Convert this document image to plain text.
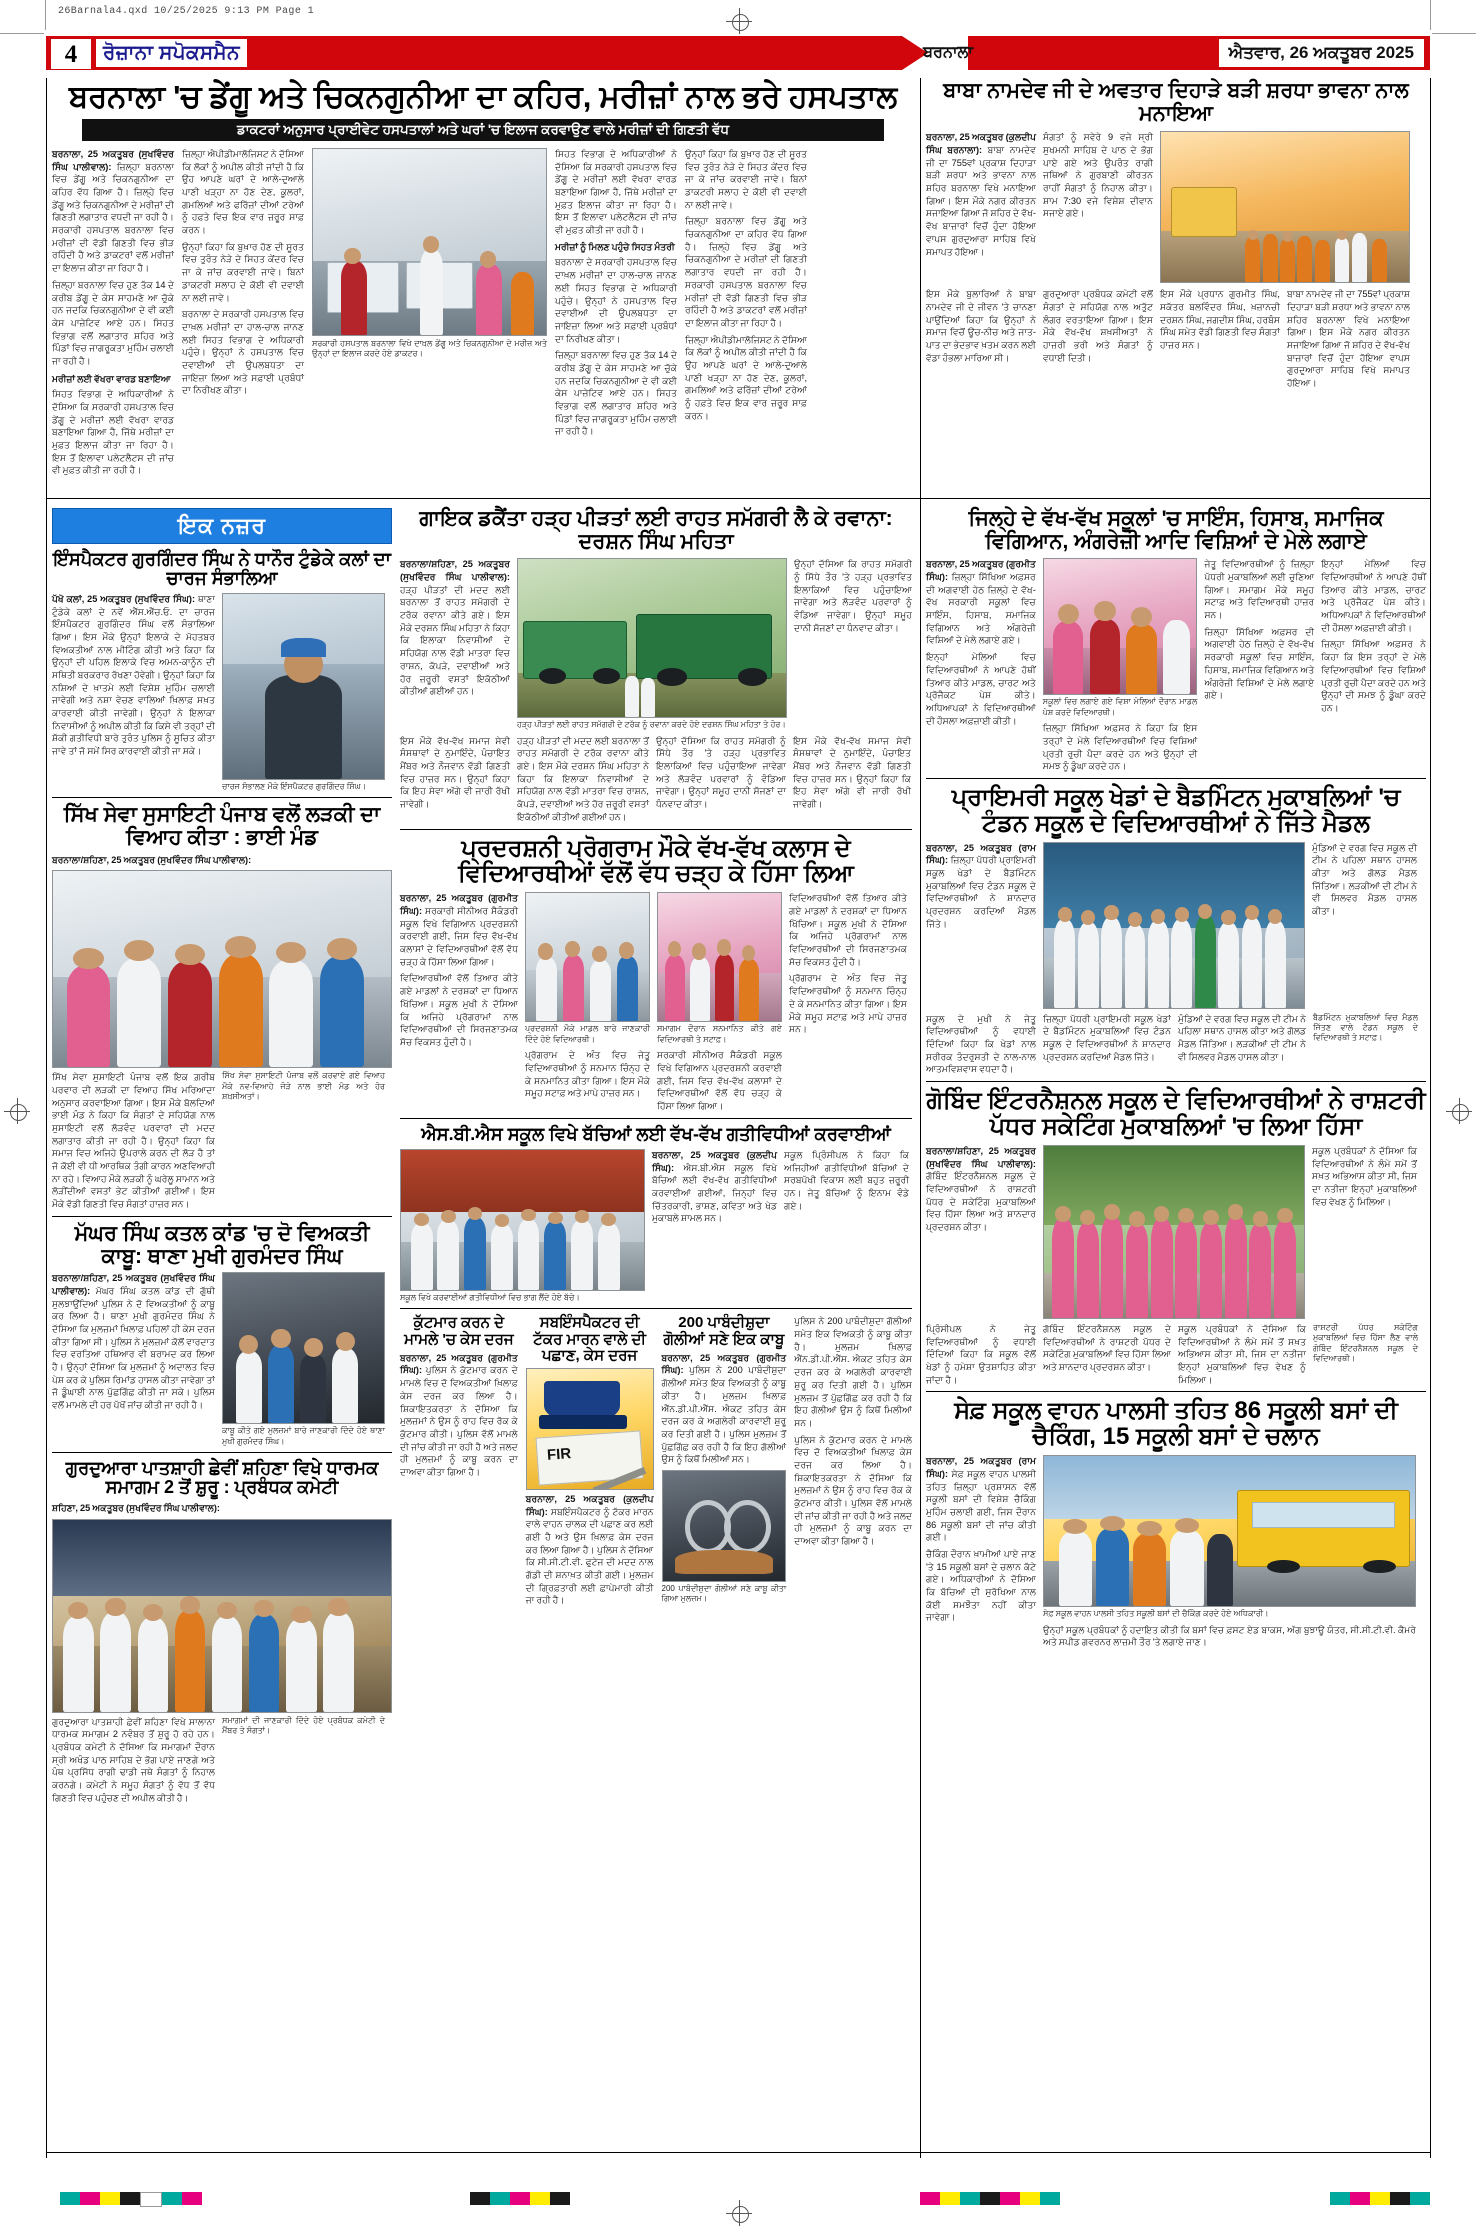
26Barnala4.qxd 10/25/2025 9:13 PM Page 1
4	ਰੋਜ਼ਾਨਾ ਸਪੋਕਸਮੈਨ	ਬਰਨਾਲਾ	ਐਤਵਾਰ, 26 ਅਕਤੂਬਰ 2025
ਬਰਨਾਲਾ 'ਚ ਡੇਂਗੂ ਅਤੇ ਚਿਕਨਗੁਨੀਆ ਦਾ ਕਹਿਰ, ਮਰੀਜ਼ਾਂ ਨਾਲ ਭਰੇ ਹਸਪਤਾਲ
ਡਾਕਟਰਾਂ ਅਨੁਸਾਰ ਪ੍ਰਾਈਵੇਟ ਹਸਪਤਾਲਾਂ ਅਤੇ ਘਰਾਂ 'ਚ ਇਲਾਜ ਕਰਵਾਉਣ ਵਾਲੇ ਮਰੀਜ਼ਾਂ ਦੀ ਗਿਣਤੀ ਵੱਧ
ਬਰਨਾਲਾ, 25 ਅਕਤੂਬਰ (ਸੁਖਵਿੰਦਰ ਸਿੰਘ ਪਾਲੀਵਾਲ): ਜ਼ਿਲ੍ਹਾ ਬਰਨਾਲਾ ਵਿਚ ਡੇਂਗੂ ਅਤੇ ਚਿਕਨਗੁਨੀਆ ਦਾ ਕਹਿਰ ਵੱਧ ਗਿਆ ਹੈ। ਜ਼ਿਲ੍ਹੇ ਵਿਚ ਡੇਂਗੂ ਅਤੇ ਚਿਕਨਗੁਨੀਆ ਦੇ ਮਰੀਜ਼ਾਂ ਦੀ ਗਿਣਤੀ ਲਗਾਤਾਰ ਵਧਦੀ ਜਾ ਰਹੀ ਹੈ। ਸਰਕਾਰੀ ਹਸਪਤਾਲ ਬਰਨਾਲਾ ਵਿਚ ਮਰੀਜ਼ਾਂ ਦੀ ਵੱਡੀ ਗਿਣਤੀ ਵਿਚ ਭੀੜ ਰਹਿੰਦੀ ਹੈ ਅਤੇ ਡਾਕਟਰਾਂ ਵਲੋਂ ਮਰੀਜ਼ਾਂ ਦਾ ਇਲਾਜ ਕੀਤਾ ਜਾ ਰਿਹਾ ਹੈ।
ਜ਼ਿਲ੍ਹਾ ਬਰਨਾਲਾ ਵਿਚ ਹੁਣ ਤੱਕ 14 ਦੇ ਕਰੀਬ ਡੇਂਗੂ ਦੇ ਕੇਸ ਸਾਹਮਣੇ ਆ ਚੁੱਕੇ ਹਨ ਜਦਕਿ ਚਿਕਨਗੁਨੀਆ ਦੇ ਵੀ ਕਈ ਕੇਸ ਪਾਜ਼ੇਟਿਵ ਆਏ ਹਨ। ਸਿਹਤ ਵਿਭਾਗ ਵਲੋਂ ਲਗਾਤਾਰ ਸ਼ਹਿਰ ਅਤੇ ਪਿੰਡਾਂ ਵਿਚ ਜਾਗਰੂਕਤਾ ਮੁਹਿੰਮ ਚਲਾਈ ਜਾ ਰਹੀ ਹੈ।
ਮਰੀਜ਼ਾਂ ਲਈ ਵੱਖਰਾ ਵਾਰਡ ਬਣਾਇਆ
ਸਿਹਤ ਵਿਭਾਗ ਦੇ ਅਧਿਕਾਰੀਆਂ ਨੇ ਦੱਸਿਆ ਕਿ ਸਰਕਾਰੀ ਹਸਪਤਾਲ ਵਿਚ ਡੇਂਗੂ ਦੇ ਮਰੀਜ਼ਾਂ ਲਈ ਵੱਖਰਾ ਵਾਰਡ ਬਣਾਇਆ ਗਿਆ ਹੈ, ਜਿੱਥੇ ਮਰੀਜ਼ਾਂ ਦਾ ਮੁਫ਼ਤ ਇਲਾਜ ਕੀਤਾ ਜਾ ਰਿਹਾ ਹੈ। ਇਸ ਤੋਂ ਇਲਾਵਾ ਪਲੇਟਲੈਟਸ ਦੀ ਜਾਂਚ ਵੀ ਮੁਫ਼ਤ ਕੀਤੀ ਜਾ ਰਹੀ ਹੈ।
ਜ਼ਿਲ੍ਹਾ ਐਪੀਡੀਮਾਲੋਜਿਸਟ ਨੇ ਦੱਸਿਆ ਕਿ ਲੋਕਾਂ ਨੂੰ ਅਪੀਲ ਕੀਤੀ ਜਾਂਦੀ ਹੈ ਕਿ ਉਹ ਆਪਣੇ ਘਰਾਂ ਦੇ ਆਲੇ-ਦੁਆਲੇ ਪਾਣੀ ਖੜ੍ਹਾ ਨਾ ਹੋਣ ਦੇਣ, ਕੂਲਰਾਂ, ਗਮਲਿਆਂ ਅਤੇ ਫਰਿੱਜ਼ਾਂ ਦੀਆਂ ਟਰੇਆਂ ਨੂੰ ਹਫ਼ਤੇ ਵਿਚ ਇਕ ਵਾਰ ਜ਼ਰੂਰ ਸਾਫ਼ ਕਰਨ।
ਉਨ੍ਹਾਂ ਕਿਹਾ ਕਿ ਬੁਖ਼ਾਰ ਹੋਣ ਦੀ ਸੂਰਤ ਵਿਚ ਤੁਰੰਤ ਨੇੜੇ ਦੇ ਸਿਹਤ ਕੇਂਦਰ ਵਿਚ ਜਾ ਕੇ ਜਾਂਚ ਕਰਵਾਈ ਜਾਵੇ। ਬਿਨਾਂ ਡਾਕਟਰੀ ਸਲਾਹ ਦੇ ਕੋਈ ਵੀ ਦਵਾਈ ਨਾ ਲਈ ਜਾਵੇ।
ਬਰਨਾਲਾ ਦੇ ਸਰਕਾਰੀ ਹਸਪਤਾਲ ਵਿਚ ਦਾਖ਼ਲ ਮਰੀਜ਼ਾਂ ਦਾ ਹਾਲ-ਚਾਲ ਜਾਨਣ ਲਈ ਸਿਹਤ ਵਿਭਾਗ ਦੇ ਅਧਿਕਾਰੀ ਪਹੁੰਚੇ। ਉਨ੍ਹਾਂ ਨੇ ਹਸਪਤਾਲ ਵਿਚ ਦਵਾਈਆਂ ਦੀ ਉਪਲਬਧਤਾ ਦਾ ਜਾਇਜ਼ਾ ਲਿਆ ਅਤੇ ਸਫ਼ਾਈ ਪ੍ਰਬੰਧਾਂ ਦਾ ਨਿਰੀਖਣ ਕੀਤਾ।
ਸਰਕਾਰੀ ਹਸਪਤਾਲ ਬਰਨਾਲਾ ਵਿਖੇ ਦਾਖ਼ਲ ਡੇਂਗੂ ਅਤੇ ਚਿਕਨਗੁਨੀਆ ਦੇ ਮਰੀਜ਼ ਅਤੇ ਉਨ੍ਹਾਂ ਦਾ ਇਲਾਜ ਕਰਦੇ ਹੋਏ ਡਾਕਟਰ।
ਸਿਹਤ ਵਿਭਾਗ ਦੇ ਅਧਿਕਾਰੀਆਂ ਨੇ ਦੱਸਿਆ ਕਿ ਸਰਕਾਰੀ ਹਸਪਤਾਲ ਵਿਚ ਡੇਂਗੂ ਦੇ ਮਰੀਜ਼ਾਂ ਲਈ ਵੱਖਰਾ ਵਾਰਡ ਬਣਾਇਆ ਗਿਆ ਹੈ, ਜਿੱਥੇ ਮਰੀਜ਼ਾਂ ਦਾ ਮੁਫ਼ਤ ਇਲਾਜ ਕੀਤਾ ਜਾ ਰਿਹਾ ਹੈ। ਇਸ ਤੋਂ ਇਲਾਵਾ ਪਲੇਟਲੈਟਸ ਦੀ ਜਾਂਚ ਵੀ ਮੁਫ਼ਤ ਕੀਤੀ ਜਾ ਰਹੀ ਹੈ।
ਮਰੀਜ਼ਾਂ ਨੂੰ ਮਿਲਣ ਪਹੁੰਚੇ ਸਿਹਤ ਮੰਤਰੀ
ਬਰਨਾਲਾ ਦੇ ਸਰਕਾਰੀ ਹਸਪਤਾਲ ਵਿਚ ਦਾਖ਼ਲ ਮਰੀਜ਼ਾਂ ਦਾ ਹਾਲ-ਚਾਲ ਜਾਨਣ ਲਈ ਸਿਹਤ ਵਿਭਾਗ ਦੇ ਅਧਿਕਾਰੀ ਪਹੁੰਚੇ। ਉਨ੍ਹਾਂ ਨੇ ਹਸਪਤਾਲ ਵਿਚ ਦਵਾਈਆਂ ਦੀ ਉਪਲਬਧਤਾ ਦਾ ਜਾਇਜ਼ਾ ਲਿਆ ਅਤੇ ਸਫ਼ਾਈ ਪ੍ਰਬੰਧਾਂ ਦਾ ਨਿਰੀਖਣ ਕੀਤਾ।
ਜ਼ਿਲ੍ਹਾ ਬਰਨਾਲਾ ਵਿਚ ਹੁਣ ਤੱਕ 14 ਦੇ ਕਰੀਬ ਡੇਂਗੂ ਦੇ ਕੇਸ ਸਾਹਮਣੇ ਆ ਚੁੱਕੇ ਹਨ ਜਦਕਿ ਚਿਕਨਗੁਨੀਆ ਦੇ ਵੀ ਕਈ ਕੇਸ ਪਾਜ਼ੇਟਿਵ ਆਏ ਹਨ। ਸਿਹਤ ਵਿਭਾਗ ਵਲੋਂ ਲਗਾਤਾਰ ਸ਼ਹਿਰ ਅਤੇ ਪਿੰਡਾਂ ਵਿਚ ਜਾਗਰੂਕਤਾ ਮੁਹਿੰਮ ਚਲਾਈ ਜਾ ਰਹੀ ਹੈ।
ਉਨ੍ਹਾਂ ਕਿਹਾ ਕਿ ਬੁਖ਼ਾਰ ਹੋਣ ਦੀ ਸੂਰਤ ਵਿਚ ਤੁਰੰਤ ਨੇੜੇ ਦੇ ਸਿਹਤ ਕੇਂਦਰ ਵਿਚ ਜਾ ਕੇ ਜਾਂਚ ਕਰਵਾਈ ਜਾਵੇ। ਬਿਨਾਂ ਡਾਕਟਰੀ ਸਲਾਹ ਦੇ ਕੋਈ ਵੀ ਦਵਾਈ ਨਾ ਲਈ ਜਾਵੇ।
ਜ਼ਿਲ੍ਹਾ ਬਰਨਾਲਾ ਵਿਚ ਡੇਂਗੂ ਅਤੇ ਚਿਕਨਗੁਨੀਆ ਦਾ ਕਹਿਰ ਵੱਧ ਗਿਆ ਹੈ। ਜ਼ਿਲ੍ਹੇ ਵਿਚ ਡੇਂਗੂ ਅਤੇ ਚਿਕਨਗੁਨੀਆ ਦੇ ਮਰੀਜ਼ਾਂ ਦੀ ਗਿਣਤੀ ਲਗਾਤਾਰ ਵਧਦੀ ਜਾ ਰਹੀ ਹੈ। ਸਰਕਾਰੀ ਹਸਪਤਾਲ ਬਰਨਾਲਾ ਵਿਚ ਮਰੀਜ਼ਾਂ ਦੀ ਵੱਡੀ ਗਿਣਤੀ ਵਿਚ ਭੀੜ ਰਹਿੰਦੀ ਹੈ ਅਤੇ ਡਾਕਟਰਾਂ ਵਲੋਂ ਮਰੀਜ਼ਾਂ ਦਾ ਇਲਾਜ ਕੀਤਾ ਜਾ ਰਿਹਾ ਹੈ।
ਜ਼ਿਲ੍ਹਾ ਐਪੀਡੀਮਾਲੋਜਿਸਟ ਨੇ ਦੱਸਿਆ ਕਿ ਲੋਕਾਂ ਨੂੰ ਅਪੀਲ ਕੀਤੀ ਜਾਂਦੀ ਹੈ ਕਿ ਉਹ ਆਪਣੇ ਘਰਾਂ ਦੇ ਆਲੇ-ਦੁਆਲੇ ਪਾਣੀ ਖੜ੍ਹਾ ਨਾ ਹੋਣ ਦੇਣ, ਕੂਲਰਾਂ, ਗਮਲਿਆਂ ਅਤੇ ਫਰਿੱਜ਼ਾਂ ਦੀਆਂ ਟਰੇਆਂ ਨੂੰ ਹਫ਼ਤੇ ਵਿਚ ਇਕ ਵਾਰ ਜ਼ਰੂਰ ਸਾਫ਼ ਕਰਨ।
ਬਾਬਾ ਨਾਮਦੇਵ ਜੀ ਦੇ ਅਵਤਾਰ ਦਿਹਾੜੇ ਬੜੀ ਸ਼ਰਧਾ ਭਾਵਨਾ ਨਾਲ ਮਨਾਇਆ
ਬਰਨਾਲਾ, 25 ਅਕਤੂਬਰ (ਕੁਲਦੀਪ ਸਿੰਘ ਬਰਨਾਲਾ): ਬਾਬਾ ਨਾਮਦੇਵ ਜੀ ਦਾ 755ਵਾਂ ਪ੍ਰਕਾਸ਼ ਦਿਹਾੜਾ ਬੜੀ ਸ਼ਰਧਾ ਅਤੇ ਭਾਵਨਾ ਨਾਲ ਸ਼ਹਿਰ ਬਰਨਾਲਾ ਵਿਖੇ ਮਨਾਇਆ ਗਿਆ। ਇਸ ਮੌਕੇ ਨਗਰ ਕੀਰਤਨ ਸਜਾਇਆ ਗਿਆ ਜੋ ਸ਼ਹਿਰ ਦੇ ਵੱਖ-ਵੱਖ ਬਾਜ਼ਾਰਾਂ ਵਿਚੋਂ ਹੁੰਦਾ ਹੋਇਆ ਵਾਪਸ ਗੁਰਦੁਆਰਾ ਸਾਹਿਬ ਵਿਖੇ ਸਮਾਪਤ ਹੋਇਆ।
ਸੰਗਤਾਂ ਨੂੰ ਸਵੇਰੇ 9 ਵਜੇ ਸ੍ਰੀ ਸੁਖਮਨੀ ਸਾਹਿਬ ਦੇ ਪਾਠ ਦੇ ਭੋਗ ਪਾਏ ਗਏ ਅਤੇ ਉਪਰੰਤ ਰਾਗੀ ਜਥਿਆਂ ਨੇ ਗੁਰਬਾਣੀ ਕੀਰਤਨ ਰਾਹੀਂ ਸੰਗਤਾਂ ਨੂੰ ਨਿਹਾਲ ਕੀਤਾ। ਸ਼ਾਮ 7:30 ਵਜੇ ਵਿਸ਼ੇਸ਼ ਦੀਵਾਨ ਸਜਾਏ ਗਏ।
ਇਸ ਮੌਕੇ ਬੁਲਾਰਿਆਂ ਨੇ ਬਾਬਾ ਨਾਮਦੇਵ ਜੀ ਦੇ ਜੀਵਨ 'ਤੇ ਚਾਨਣਾ ਪਾਉਂਦਿਆਂ ਕਿਹਾ ਕਿ ਉਨ੍ਹਾਂ ਨੇ ਸਮਾਜ ਵਿਚੋਂ ਊਚ-ਨੀਚ ਅਤੇ ਜਾਤ-ਪਾਤ ਦਾ ਭੇਦਭਾਵ ਖ਼ਤਮ ਕਰਨ ਲਈ ਵੱਡਾ ਹੰਭਲਾ ਮਾਰਿਆ ਸੀ।
ਗੁਰਦੁਆਰਾ ਪ੍ਰਬੰਧਕ ਕਮੇਟੀ ਵਲੋਂ ਸੰਗਤਾਂ ਦੇ ਸਹਿਯੋਗ ਨਾਲ ਅਤੁੱਟ ਲੰਗਰ ਵਰਤਾਇਆ ਗਿਆ। ਇਸ ਮੌਕੇ ਵੱਖ-ਵੱਖ ਸ਼ਖ਼ਸੀਅਤਾਂ ਨੇ ਹਾਜ਼ਰੀ ਭਰੀ ਅਤੇ ਸੰਗਤਾਂ ਨੂੰ ਵਧਾਈ ਦਿਤੀ।
ਇਸ ਮੌਕੇ ਪ੍ਰਧਾਨ ਗੁਰਮੀਤ ਸਿੰਘ, ਸਕੱਤਰ ਬਲਵਿੰਦਰ ਸਿੰਘ, ਖ਼ਜ਼ਾਨਚੀ ਦਰਸ਼ਨ ਸਿੰਘ, ਜਗਦੀਸ਼ ਸਿੰਘ, ਹਰਬੰਸ ਸਿੰਘ ਸਮੇਤ ਵੱਡੀ ਗਿਣਤੀ ਵਿਚ ਸੰਗਤਾਂ ਹਾਜ਼ਰ ਸਨ।
ਬਾਬਾ ਨਾਮਦੇਵ ਜੀ ਦਾ 755ਵਾਂ ਪ੍ਰਕਾਸ਼ ਦਿਹਾੜਾ ਬੜੀ ਸ਼ਰਧਾ ਅਤੇ ਭਾਵਨਾ ਨਾਲ ਸ਼ਹਿਰ ਬਰਨਾਲਾ ਵਿਖੇ ਮਨਾਇਆ ਗਿਆ। ਇਸ ਮੌਕੇ ਨਗਰ ਕੀਰਤਨ ਸਜਾਇਆ ਗਿਆ ਜੋ ਸ਼ਹਿਰ ਦੇ ਵੱਖ-ਵੱਖ ਬਾਜ਼ਾਰਾਂ ਵਿਚੋਂ ਹੁੰਦਾ ਹੋਇਆ ਵਾਪਸ ਗੁਰਦੁਆਰਾ ਸਾਹਿਬ ਵਿਖੇ ਸਮਾਪਤ ਹੋਇਆ।
ਇਕ ਨਜ਼ਰ
ਇੰਸਪੈਕਟਰ ਗੁਰਗਿੰਦਰ ਸਿੰਘ ਨੇ ਧਾਨੌਰ ਟੁੰਡੇਕੇ ਕਲਾਂ ਦਾ ਚਾਰਜ ਸੰਭਾਲਿਆ
ਪੱਖੋ ਕਲਾਂ, 25 ਅਕਤੂਬਰ (ਸੁਖਵਿੰਦਰ ਸਿੰਘ): ਥਾਣਾ ਟੁੰਡੇਕੇ ਕਲਾਂ ਦੇ ਨਵੇਂ ਐੱਸ.ਐੱਚ.ਓ. ਦਾ ਚਾਰਜ ਇੰਸਪੈਕਟਰ ਗੁਰਗਿੰਦਰ ਸਿੰਘ ਵਲੋਂ ਸੰਭਾਲਿਆ ਗਿਆ। ਇਸ ਮੌਕੇ ਉਨ੍ਹਾਂ ਇਲਾਕੇ ਦੇ ਮੋਹਤਬਰ ਵਿਅਕਤੀਆਂ ਨਾਲ ਮੀਟਿੰਗ ਕੀਤੀ ਅਤੇ ਕਿਹਾ ਕਿ ਉਨ੍ਹਾਂ ਦੀ ਪਹਿਲ ਇਲਾਕੇ ਵਿਚ ਅਮਨ-ਕਾਨੂੰਨ ਦੀ ਸਥਿਤੀ ਬਰਕਰਾਰ ਰੱਖਣਾ ਹੋਵੇਗੀ। ਉਨ੍ਹਾਂ ਕਿਹਾ ਕਿ ਨਸ਼ਿਆਂ ਦੇ ਖ਼ਾਤਮੇ ਲਈ ਵਿਸ਼ੇਸ਼ ਮੁਹਿੰਮ ਚਲਾਈ ਜਾਵੇਗੀ ਅਤੇ ਨਸ਼ਾ ਵੇਚਣ ਵਾਲਿਆਂ ਖ਼ਿਲਾਫ਼ ਸਖ਼ਤ ਕਾਰਵਾਈ ਕੀਤੀ ਜਾਵੇਗੀ। ਉਨ੍ਹਾਂ ਨੇ ਇਲਾਕਾ ਨਿਵਾਸੀਆਂ ਨੂੰ ਅਪੀਲ ਕੀਤੀ ਕਿ ਕਿਸੇ ਵੀ ਤਰ੍ਹਾਂ ਦੀ ਸ਼ੱਕੀ ਗਤੀਵਿਧੀ ਬਾਰੇ ਤੁਰੰਤ ਪੁਲਿਸ ਨੂੰ ਸੂਚਿਤ ਕੀਤਾ ਜਾਵੇ ਤਾਂ ਜੋ ਸਮੇਂ ਸਿਰ ਕਾਰਵਾਈ ਕੀਤੀ ਜਾ ਸਕੇ।
ਚਾਰਜ ਸੰਭਾਲਣ ਮੌਕੇ ਇੰਸਪੈਕਟਰ ਗੁਰਗਿੰਦਰ ਸਿੰਘ।
ਸਿੱਖ ਸੇਵਾ ਸੁਸਾਇਟੀ ਪੰਜਾਬ ਵਲੋਂ ਲੜਕੀ ਦਾ ਵਿਆਹ ਕੀਤਾ : ਭਾਈ ਮੰਡ
ਬਰਨਾਲਾ/ਸ਼ਹਿਣਾ, 25 ਅਕਤੂਬਰ (ਸੁਖਵਿੰਦਰ ਸਿੰਘ ਪਾਲੀਵਾਲ):
ਸਿੱਖ ਸੇਵਾ ਸੁਸਾਇਟੀ ਪੰਜਾਬ ਵਲੋਂ ਇਕ ਗ਼ਰੀਬ ਪਰਵਾਰ ਦੀ ਲੜਕੀ ਦਾ ਵਿਆਹ ਸਿੱਖ ਮਰਿਆਦਾ ਅਨੁਸਾਰ ਕਰਵਾਇਆ ਗਿਆ। ਇਸ ਮੌਕੇ ਬੋਲਦਿਆਂ ਭਾਈ ਮੰਡ ਨੇ ਕਿਹਾ ਕਿ ਸੰਗਤਾਂ ਦੇ ਸਹਿਯੋਗ ਨਾਲ ਸੁਸਾਇਟੀ ਵਲੋਂ ਲੋੜਵੰਦ ਪਰਵਾਰਾਂ ਦੀ ਮਦਦ ਲਗਾਤਾਰ ਕੀਤੀ ਜਾ ਰਹੀ ਹੈ। ਉਨ੍ਹਾਂ ਕਿਹਾ ਕਿ ਸਮਾਜ ਵਿਚ ਅਜਿਹੇ ਉਪਰਾਲੇ ਕਰਨ ਦੀ ਲੋੜ ਹੈ ਤਾਂ ਜੋ ਕੋਈ ਵੀ ਧੀ ਆਰਥਿਕ ਤੰਗੀ ਕਾਰਨ ਅਣਵਿਆਹੀ ਨਾ ਰਹੇ। ਵਿਆਹ ਮੌਕੇ ਲੜਕੀ ਨੂੰ ਘਰੇਲੂ ਸਾਮਾਨ ਅਤੇ ਲੋੜੀਂਦੀਆਂ ਵਸਤਾਂ ਭੇਟ ਕੀਤੀਆਂ ਗਈਆਂ। ਇਸ ਮੌਕੇ ਵੱਡੀ ਗਿਣਤੀ ਵਿਚ ਸੰਗਤਾਂ ਹਾਜ਼ਰ ਸਨ।
ਸਿੱਖ ਸੇਵਾ ਸੁਸਾਇਟੀ ਪੰਜਾਬ ਵਲੋਂ ਕਰਵਾਏ ਗਏ ਵਿਆਹ ਮੌਕੇ ਨਵ-ਵਿਆਹੇ ਜੋੜੇ ਨਾਲ ਭਾਈ ਮੰਡ ਅਤੇ ਹੋਰ ਸ਼ਖ਼ਸੀਅਤਾਂ।
ਮੱਘਰ ਸਿੰਘ ਕਤਲ ਕਾਂਡ 'ਚ ਦੋ ਵਿਅਕਤੀ ਕਾਬੂ: ਥਾਣਾ ਮੁਖੀ ਗੁਰਮੰਦਰ ਸਿੰਘ
ਬਰਨਾਲਾ/ਸ਼ਹਿਣਾ, 25 ਅਕਤੂਬਰ (ਸੁਖਵਿੰਦਰ ਸਿੰਘ ਪਾਲੀਵਾਲ): ਮੱਘਰ ਸਿੰਘ ਕਤਲ ਕਾਂਡ ਦੀ ਗੁੱਥੀ ਸੁਲਝਾਉਂਦਿਆਂ ਪੁਲਿਸ ਨੇ ਦੋ ਵਿਅਕਤੀਆਂ ਨੂੰ ਕਾਬੂ ਕਰ ਲਿਆ ਹੈ। ਥਾਣਾ ਮੁਖੀ ਗੁਰਮੰਦਰ ਸਿੰਘ ਨੇ ਦੱਸਿਆ ਕਿ ਮੁਲਜ਼ਮਾਂ ਖ਼ਿਲਾਫ਼ ਪਹਿਲਾਂ ਹੀ ਕੇਸ ਦਰਜ ਕੀਤਾ ਗਿਆ ਸੀ। ਪੁਲਿਸ ਨੇ ਮੁਲਜ਼ਮਾਂ ਕੋਲੋਂ ਵਾਰਦਾਤ ਵਿਚ ਵਰਤਿਆ ਹਥਿਆਰ ਵੀ ਬਰਾਮਦ ਕਰ ਲਿਆ ਹੈ। ਉਨ੍ਹਾਂ ਦੱਸਿਆ ਕਿ ਮੁਲਜ਼ਮਾਂ ਨੂੰ ਅਦਾਲਤ ਵਿਚ ਪੇਸ਼ ਕਰ ਕੇ ਪੁਲਿਸ ਰਿਮਾਂਡ ਹਾਸਲ ਕੀਤਾ ਜਾਵੇਗਾ ਤਾਂ ਜੋ ਡੂੰਘਾਈ ਨਾਲ ਪੁੱਛਗਿੱਛ ਕੀਤੀ ਜਾ ਸਕੇ। ਪੁਲਿਸ ਵਲੋਂ ਮਾਮਲੇ ਦੀ ਹਰ ਪੱਖੋਂ ਜਾਂਚ ਕੀਤੀ ਜਾ ਰਹੀ ਹੈ।
ਕਾਬੂ ਕੀਤੇ ਗਏ ਮੁਲਜ਼ਮਾਂ ਬਾਰੇ ਜਾਣਕਾਰੀ ਦਿੰਦੇ ਹੋਏ ਥਾਣਾ ਮੁਖੀ ਗੁਰਮੰਦਰ ਸਿੰਘ।
ਗੁਰਦੁਆਰਾ ਪਾਤਸ਼ਾਹੀ ਛੇਵੀਂ ਸ਼ਹਿਣਾ ਵਿਖੇ ਧਾਰਮਕ ਸਮਾਗਮ 2 ਤੋਂ ਸ਼ੁਰੂ : ਪ੍ਰਬੰਧਕ ਕਮੇਟੀ
ਸ਼ਹਿਣਾ, 25 ਅਕਤੂਬਰ (ਸੁਖਵਿੰਦਰ ਸਿੰਘ ਪਾਲੀਵਾਲ):
ਗੁਰਦੁਆਰਾ ਪਾਤਸ਼ਾਹੀ ਛੇਵੀਂ ਸ਼ਹਿਣਾ ਵਿਖੇ ਸਾਲਾਨਾ ਧਾਰਮਕ ਸਮਾਗਮ 2 ਨਵੰਬਰ ਤੋਂ ਸ਼ੁਰੂ ਹੋ ਰਹੇ ਹਨ। ਪ੍ਰਬੰਧਕ ਕਮੇਟੀ ਨੇ ਦੱਸਿਆ ਕਿ ਸਮਾਗਮਾਂ ਦੌਰਾਨ ਸ੍ਰੀ ਅਖੰਡ ਪਾਠ ਸਾਹਿਬ ਦੇ ਭੋਗ ਪਾਏ ਜਾਣਗੇ ਅਤੇ ਪੰਥ ਪ੍ਰਸਿੱਧ ਰਾਗੀ ਢਾਡੀ ਜਥੇ ਸੰਗਤਾਂ ਨੂੰ ਨਿਹਾਲ ਕਰਨਗੇ। ਕਮੇਟੀ ਨੇ ਸਮੂਹ ਸੰਗਤਾਂ ਨੂੰ ਵੱਧ ਤੋਂ ਵੱਧ ਗਿਣਤੀ ਵਿਚ ਪਹੁੰਚਣ ਦੀ ਅਪੀਲ ਕੀਤੀ ਹੈ।
ਸਮਾਗਮਾਂ ਦੀ ਜਾਣਕਾਰੀ ਦਿੰਦੇ ਹੋਏ ਪ੍ਰਬੰਧਕ ਕਮੇਟੀ ਦੇ ਮੈਂਬਰ ਤੇ ਸੰਗਤਾਂ।
ਗਾਇਕ ਡਕੈਂਤਾ ਹੜ੍ਹ ਪੀੜਤਾਂ ਲਈ ਰਾਹਤ ਸਮੱਗਰੀ ਲੈ ਕੇ ਰਵਾਨਾ: ਦਰਸ਼ਨ ਸਿੰਘ ਮਹਿਤਾ
ਬਰਨਾਲਾ/ਸ਼ਹਿਣਾ, 25 ਅਕਤੂਬਰ (ਸੁਖਵਿੰਦਰ ਸਿੰਘ ਪਾਲੀਵਾਲ): ਹੜ੍ਹ ਪੀੜਤਾਂ ਦੀ ਮਦਦ ਲਈ ਬਰਨਾਲਾ ਤੋਂ ਰਾਹਤ ਸਮੱਗਰੀ ਦੇ ਟਰੱਕ ਰਵਾਨਾ ਕੀਤੇ ਗਏ। ਇਸ ਮੌਕੇ ਦਰਸ਼ਨ ਸਿੰਘ ਮਹਿਤਾ ਨੇ ਕਿਹਾ ਕਿ ਇਲਾਕਾ ਨਿਵਾਸੀਆਂ ਦੇ ਸਹਿਯੋਗ ਨਾਲ ਵੱਡੀ ਮਾਤਰਾ ਵਿਚ ਰਾਸ਼ਨ, ਕੱਪੜੇ, ਦਵਾਈਆਂ ਅਤੇ ਹੋਰ ਜ਼ਰੂਰੀ ਵਸਤਾਂ ਇਕੱਠੀਆਂ ਕੀਤੀਆਂ ਗਈਆਂ ਹਨ।
ਹੜ੍ਹ ਪੀੜਤਾਂ ਲਈ ਰਾਹਤ ਸਮੱਗਰੀ ਦੇ ਟਰੱਕ ਨੂੰ ਰਵਾਨਾ ਕਰਦੇ ਹੋਏ ਦਰਸ਼ਨ ਸਿੰਘ ਮਹਿਤਾ ਤੇ ਹੋਰ।
ਉਨ੍ਹਾਂ ਦੱਸਿਆ ਕਿ ਰਾਹਤ ਸਮੱਗਰੀ ਨੂੰ ਸਿੱਧੇ ਤੌਰ 'ਤੇ ਹੜ੍ਹ ਪ੍ਰਭਾਵਿਤ ਇਲਾਕਿਆਂ ਵਿਚ ਪਹੁੰਚਾਇਆ ਜਾਵੇਗਾ ਅਤੇ ਲੋੜਵੰਦ ਪਰਵਾਰਾਂ ਨੂੰ ਵੰਡਿਆ ਜਾਵੇਗਾ। ਉਨ੍ਹਾਂ ਸਮੂਹ ਦਾਨੀ ਸੱਜਣਾਂ ਦਾ ਧੰਨਵਾਦ ਕੀਤਾ।
ਇਸ ਮੌਕੇ ਵੱਖ-ਵੱਖ ਸਮਾਜ ਸੇਵੀ ਸੰਸਥਾਵਾਂ ਦੇ ਨੁਮਾਇੰਦੇ, ਪੰਚਾਇਤ ਮੈਂਬਰ ਅਤੇ ਨੌਜਵਾਨ ਵੱਡੀ ਗਿਣਤੀ ਵਿਚ ਹਾਜ਼ਰ ਸਨ। ਉਨ੍ਹਾਂ ਕਿਹਾ ਕਿ ਇਹ ਸੇਵਾ ਅੱਗੇ ਵੀ ਜਾਰੀ ਰੱਖੀ ਜਾਵੇਗੀ।
ਹੜ੍ਹ ਪੀੜਤਾਂ ਦੀ ਮਦਦ ਲਈ ਬਰਨਾਲਾ ਤੋਂ ਰਾਹਤ ਸਮੱਗਰੀ ਦੇ ਟਰੱਕ ਰਵਾਨਾ ਕੀਤੇ ਗਏ। ਇਸ ਮੌਕੇ ਦਰਸ਼ਨ ਸਿੰਘ ਮਹਿਤਾ ਨੇ ਕਿਹਾ ਕਿ ਇਲਾਕਾ ਨਿਵਾਸੀਆਂ ਦੇ ਸਹਿਯੋਗ ਨਾਲ ਵੱਡੀ ਮਾਤਰਾ ਵਿਚ ਰਾਸ਼ਨ, ਕੱਪੜੇ, ਦਵਾਈਆਂ ਅਤੇ ਹੋਰ ਜ਼ਰੂਰੀ ਵਸਤਾਂ ਇਕੱਠੀਆਂ ਕੀਤੀਆਂ ਗਈਆਂ ਹਨ।
ਉਨ੍ਹਾਂ ਦੱਸਿਆ ਕਿ ਰਾਹਤ ਸਮੱਗਰੀ ਨੂੰ ਸਿੱਧੇ ਤੌਰ 'ਤੇ ਹੜ੍ਹ ਪ੍ਰਭਾਵਿਤ ਇਲਾਕਿਆਂ ਵਿਚ ਪਹੁੰਚਾਇਆ ਜਾਵੇਗਾ ਅਤੇ ਲੋੜਵੰਦ ਪਰਵਾਰਾਂ ਨੂੰ ਵੰਡਿਆ ਜਾਵੇਗਾ। ਉਨ੍ਹਾਂ ਸਮੂਹ ਦਾਨੀ ਸੱਜਣਾਂ ਦਾ ਧੰਨਵਾਦ ਕੀਤਾ।
ਇਸ ਮੌਕੇ ਵੱਖ-ਵੱਖ ਸਮਾਜ ਸੇਵੀ ਸੰਸਥਾਵਾਂ ਦੇ ਨੁਮਾਇੰਦੇ, ਪੰਚਾਇਤ ਮੈਂਬਰ ਅਤੇ ਨੌਜਵਾਨ ਵੱਡੀ ਗਿਣਤੀ ਵਿਚ ਹਾਜ਼ਰ ਸਨ। ਉਨ੍ਹਾਂ ਕਿਹਾ ਕਿ ਇਹ ਸੇਵਾ ਅੱਗੇ ਵੀ ਜਾਰੀ ਰੱਖੀ ਜਾਵੇਗੀ।
ਪ੍ਰਦਰਸ਼ਨੀ ਪ੍ਰੋਗਰਾਮ ਮੌਕੇ ਵੱਖ-ਵੱਖ ਕਲਾਸ ਦੇ ਵਿਦਿਆਰਥੀਆਂ ਵੱਲੋਂ ਵੱਧ ਚੜ੍ਹ ਕੇ ਹਿੱਸਾ ਲਿਆ
ਬਰਨਾਲਾ, 25 ਅਕਤੂਬਰ (ਗੁਰਮੀਤ ਸਿੰਘ): ਸਰਕਾਰੀ ਸੀਨੀਅਰ ਸੈਕੰਡਰੀ ਸਕੂਲ ਵਿਖੇ ਵਿਗਿਆਨ ਪ੍ਰਦਰਸ਼ਨੀ ਕਰਵਾਈ ਗਈ, ਜਿਸ ਵਿਚ ਵੱਖ-ਵੱਖ ਕਲਾਸਾਂ ਦੇ ਵਿਦਿਆਰਥੀਆਂ ਵੱਲੋਂ ਵੱਧ ਚੜ੍ਹ ਕੇ ਹਿੱਸਾ ਲਿਆ ਗਿਆ।
ਵਿਦਿਆਰਥੀਆਂ ਵੱਲੋਂ ਤਿਆਰ ਕੀਤੇ ਗਏ ਮਾਡਲਾਂ ਨੇ ਦਰਸ਼ਕਾਂ ਦਾ ਧਿਆਨ ਖਿੱਚਿਆ। ਸਕੂਲ ਮੁਖੀ ਨੇ ਦੱਸਿਆ ਕਿ ਅਜਿਹੇ ਪ੍ਰੋਗਰਾਮਾਂ ਨਾਲ ਵਿਦਿਆਰਥੀਆਂ ਦੀ ਸਿਰਜਣਾਤਮਕ ਸੋਚ ਵਿਕਸਤ ਹੁੰਦੀ ਹੈ।
ਪ੍ਰਦਰਸ਼ਨੀ ਮੌਕੇ ਮਾਡਲ ਬਾਰੇ ਜਾਣਕਾਰੀ ਦਿੰਦੇ ਹੋਏ ਵਿਦਿਆਰਥੀ।
ਪ੍ਰੋਗਰਾਮ ਦੇ ਅੰਤ ਵਿਚ ਜੇਤੂ ਵਿਦਿਆਰਥੀਆਂ ਨੂੰ ਸਨਮਾਨ ਚਿੰਨ੍ਹ ਦੇ ਕੇ ਸਨਮਾਨਿਤ ਕੀਤਾ ਗਿਆ। ਇਸ ਮੌਕੇ ਸਮੂਹ ਸਟਾਫ਼ ਅਤੇ ਮਾਪੇ ਹਾਜ਼ਰ ਸਨ।
ਸਮਾਗਮ ਦੌਰਾਨ ਸਨਮਾਨਿਤ ਕੀਤੇ ਗਏ ਵਿਦਿਆਰਥੀ ਤੇ ਸਟਾਫ਼।
ਸਰਕਾਰੀ ਸੀਨੀਅਰ ਸੈਕੰਡਰੀ ਸਕੂਲ ਵਿਖੇ ਵਿਗਿਆਨ ਪ੍ਰਦਰਸ਼ਨੀ ਕਰਵਾਈ ਗਈ, ਜਿਸ ਵਿਚ ਵੱਖ-ਵੱਖ ਕਲਾਸਾਂ ਦੇ ਵਿਦਿਆਰਥੀਆਂ ਵੱਲੋਂ ਵੱਧ ਚੜ੍ਹ ਕੇ ਹਿੱਸਾ ਲਿਆ ਗਿਆ।
ਵਿਦਿਆਰਥੀਆਂ ਵੱਲੋਂ ਤਿਆਰ ਕੀਤੇ ਗਏ ਮਾਡਲਾਂ ਨੇ ਦਰਸ਼ਕਾਂ ਦਾ ਧਿਆਨ ਖਿੱਚਿਆ। ਸਕੂਲ ਮੁਖੀ ਨੇ ਦੱਸਿਆ ਕਿ ਅਜਿਹੇ ਪ੍ਰੋਗਰਾਮਾਂ ਨਾਲ ਵਿਦਿਆਰਥੀਆਂ ਦੀ ਸਿਰਜਣਾਤਮਕ ਸੋਚ ਵਿਕਸਤ ਹੁੰਦੀ ਹੈ।
ਪ੍ਰੋਗਰਾਮ ਦੇ ਅੰਤ ਵਿਚ ਜੇਤੂ ਵਿਦਿਆਰਥੀਆਂ ਨੂੰ ਸਨਮਾਨ ਚਿੰਨ੍ਹ ਦੇ ਕੇ ਸਨਮਾਨਿਤ ਕੀਤਾ ਗਿਆ। ਇਸ ਮੌਕੇ ਸਮੂਹ ਸਟਾਫ਼ ਅਤੇ ਮਾਪੇ ਹਾਜ਼ਰ ਸਨ।
ਐਸ.ਬੀ.ਐਸ ਸਕੂਲ ਵਿਖੇ ਬੱਚਿਆਂ ਲਈ ਵੱਖ-ਵੱਖ ਗਤੀਵਿਧੀਆਂ ਕਰਵਾਈਆਂ
ਸਕੂਲ ਵਿਖੇ ਕਰਵਾਈਆਂ ਗਤੀਵਿਧੀਆਂ ਵਿਚ ਭਾਗ ਲੈਂਦੇ ਹੋਏ ਬੱਚੇ।
ਬਰਨਾਲਾ, 25 ਅਕਤੂਬਰ (ਕੁਲਦੀਪ ਸਿੰਘ): ਐਸ.ਬੀ.ਐਸ ਸਕੂਲ ਵਿਖੇ ਬੱਚਿਆਂ ਲਈ ਵੱਖ-ਵੱਖ ਗਤੀਵਿਧੀਆਂ ਕਰਵਾਈਆਂ ਗਈਆਂ, ਜਿਨ੍ਹਾਂ ਵਿਚ ਚਿੱਤਰਕਾਰੀ, ਭਾਸ਼ਣ, ਕਵਿਤਾ ਅਤੇ ਖੇਡ ਮੁਕਾਬਲੇ ਸ਼ਾਮਲ ਸਨ।
ਸਕੂਲ ਪ੍ਰਿੰਸੀਪਲ ਨੇ ਕਿਹਾ ਕਿ ਅਜਿਹੀਆਂ ਗਤੀਵਿਧੀਆਂ ਬੱਚਿਆਂ ਦੇ ਸਰਬਪੱਖੀ ਵਿਕਾਸ ਲਈ ਬਹੁਤ ਜ਼ਰੂਰੀ ਹਨ। ਜੇਤੂ ਬੱਚਿਆਂ ਨੂੰ ਇਨਾਮ ਵੰਡੇ ਗਏ।
ਕੁੱਟਮਾਰ ਕਰਨ ਦੇ ਮਾਮਲੇ 'ਚ ਕੇਸ ਦਰਜ
ਬਰਨਾਲਾ, 25 ਅਕਤੂਬਰ (ਗੁਰਮੀਤ ਸਿੰਘ): ਪੁਲਿਸ ਨੇ ਕੁੱਟਮਾਰ ਕਰਨ ਦੇ ਮਾਮਲੇ ਵਿਚ ਦੋ ਵਿਅਕਤੀਆਂ ਖ਼ਿਲਾਫ਼ ਕੇਸ ਦਰਜ ਕਰ ਲਿਆ ਹੈ। ਸ਼ਿਕਾਇਤਕਰਤਾ ਨੇ ਦੱਸਿਆ ਕਿ ਮੁਲਜ਼ਮਾਂ ਨੇ ਉਸ ਨੂੰ ਰਾਹ ਵਿਚ ਰੋਕ ਕੇ ਕੁੱਟਮਾਰ ਕੀਤੀ। ਪੁਲਿਸ ਵੱਲੋਂ ਮਾਮਲੇ ਦੀ ਜਾਂਚ ਕੀਤੀ ਜਾ ਰਹੀ ਹੈ ਅਤੇ ਜਲਦ ਹੀ ਮੁਲਜ਼ਮਾਂ ਨੂੰ ਕਾਬੂ ਕਰਨ ਦਾ ਦਾਅਵਾ ਕੀਤਾ ਗਿਆ ਹੈ।
ਸਬਇੰਸਪੈਕਟਰ ਦੀ ਟੱਕਰ ਮਾਰਨ ਵਾਲੇ ਦੀ ਪਛਾਣ, ਕੇਸ ਦਰਜ
FIR
ਬਰਨਾਲਾ, 25 ਅਕਤੂਬਰ (ਕੁਲਦੀਪ ਸਿੰਘ): ਸਬਇੰਸਪੈਕਟਰ ਨੂੰ ਟੱਕਰ ਮਾਰਨ ਵਾਲੇ ਵਾਹਨ ਚਾਲਕ ਦੀ ਪਛਾਣ ਕਰ ਲਈ ਗਈ ਹੈ ਅਤੇ ਉਸ ਖ਼ਿਲਾਫ਼ ਕੇਸ ਦਰਜ ਕਰ ਲਿਆ ਗਿਆ ਹੈ। ਪੁਲਿਸ ਨੇ ਦੱਸਿਆ ਕਿ ਸੀ.ਸੀ.ਟੀ.ਵੀ. ਫੁਟੇਜ ਦੀ ਮਦਦ ਨਾਲ ਗੱਡੀ ਦੀ ਸ਼ਨਾਖ਼ਤ ਕੀਤੀ ਗਈ। ਮੁਲਜ਼ਮ ਦੀ ਗ੍ਰਿਫ਼ਤਾਰੀ ਲਈ ਛਾਪੇਮਾਰੀ ਕੀਤੀ ਜਾ ਰਹੀ ਹੈ।
200 ਪਾਬੰਦੀਸ਼ੁਦਾ ਗੋਲੀਆਂ ਸਣੇ ਇਕ ਕਾਬੂ
ਬਰਨਾਲਾ, 25 ਅਕਤੂਬਰ (ਗੁਰਮੀਤ ਸਿੰਘ): ਪੁਲਿਸ ਨੇ 200 ਪਾਬੰਦੀਸ਼ੁਦਾ ਗੋਲੀਆਂ ਸਮੇਤ ਇਕ ਵਿਅਕਤੀ ਨੂੰ ਕਾਬੂ ਕੀਤਾ ਹੈ। ਮੁਲਜ਼ਮ ਖ਼ਿਲਾਫ਼ ਐੱਨ.ਡੀ.ਪੀ.ਐੱਸ. ਐਕਟ ਤਹਿਤ ਕੇਸ ਦਰਜ ਕਰ ਕੇ ਅਗਲੇਰੀ ਕਾਰਵਾਈ ਸ਼ੁਰੂ ਕਰ ਦਿਤੀ ਗਈ ਹੈ। ਪੁਲਿਸ ਮੁਲਜ਼ਮ ਤੋਂ ਪੁੱਛਗਿੱਛ ਕਰ ਰਹੀ ਹੈ ਕਿ ਇਹ ਗੋਲੀਆਂ ਉਸ ਨੂੰ ਕਿਥੋਂ ਮਿਲੀਆਂ ਸਨ।
200 ਪਾਬੰਦੀਸ਼ੁਦਾ ਗੋਲੀਆਂ ਸਣੇ ਕਾਬੂ ਕੀਤਾ ਗਿਆ ਮੁਲਜ਼ਮ।
ਪੁਲਿਸ ਨੇ 200 ਪਾਬੰਦੀਸ਼ੁਦਾ ਗੋਲੀਆਂ ਸਮੇਤ ਇਕ ਵਿਅਕਤੀ ਨੂੰ ਕਾਬੂ ਕੀਤਾ ਹੈ। ਮੁਲਜ਼ਮ ਖ਼ਿਲਾਫ਼ ਐੱਨ.ਡੀ.ਪੀ.ਐੱਸ. ਐਕਟ ਤਹਿਤ ਕੇਸ ਦਰਜ ਕਰ ਕੇ ਅਗਲੇਰੀ ਕਾਰਵਾਈ ਸ਼ੁਰੂ ਕਰ ਦਿਤੀ ਗਈ ਹੈ। ਪੁਲਿਸ ਮੁਲਜ਼ਮ ਤੋਂ ਪੁੱਛਗਿੱਛ ਕਰ ਰਹੀ ਹੈ ਕਿ ਇਹ ਗੋਲੀਆਂ ਉਸ ਨੂੰ ਕਿਥੋਂ ਮਿਲੀਆਂ ਸਨ।
ਪੁਲਿਸ ਨੇ ਕੁੱਟਮਾਰ ਕਰਨ ਦੇ ਮਾਮਲੇ ਵਿਚ ਦੋ ਵਿਅਕਤੀਆਂ ਖ਼ਿਲਾਫ਼ ਕੇਸ ਦਰਜ ਕਰ ਲਿਆ ਹੈ। ਸ਼ਿਕਾਇਤਕਰਤਾ ਨੇ ਦੱਸਿਆ ਕਿ ਮੁਲਜ਼ਮਾਂ ਨੇ ਉਸ ਨੂੰ ਰਾਹ ਵਿਚ ਰੋਕ ਕੇ ਕੁੱਟਮਾਰ ਕੀਤੀ। ਪੁਲਿਸ ਵੱਲੋਂ ਮਾਮਲੇ ਦੀ ਜਾਂਚ ਕੀਤੀ ਜਾ ਰਹੀ ਹੈ ਅਤੇ ਜਲਦ ਹੀ ਮੁਲਜ਼ਮਾਂ ਨੂੰ ਕਾਬੂ ਕਰਨ ਦਾ ਦਾਅਵਾ ਕੀਤਾ ਗਿਆ ਹੈ।
ਜਿਲ੍ਹੇ ਦੇ ਵੱਖ-ਵੱਖ ਸਕੂਲਾਂ 'ਚ ਸਾਇੰਸ, ਹਿਸਾਬ, ਸਮਾਜਿਕ ਵਿਗਿਆਨ, ਅੰਗਰੇਜ਼ੀ ਆਦਿ ਵਿਸ਼ਿਆਂ ਦੇ ਮੇਲੇ ਲਗਾਏ
ਬਰਨਾਲਾ, 25 ਅਕਤੂਬਰ (ਗੁਰਮੀਤ ਸਿੰਘ): ਜ਼ਿਲ੍ਹਾ ਸਿੱਖਿਆ ਅਫ਼ਸਰ ਦੀ ਅਗਵਾਈ ਹੇਠ ਜ਼ਿਲ੍ਹੇ ਦੇ ਵੱਖ-ਵੱਖ ਸਰਕਾਰੀ ਸਕੂਲਾਂ ਵਿਚ ਸਾਇੰਸ, ਹਿਸਾਬ, ਸਮਾਜਿਕ ਵਿਗਿਆਨ ਅਤੇ ਅੰਗਰੇਜ਼ੀ ਵਿਸ਼ਿਆਂ ਦੇ ਮੇਲੇ ਲਗਾਏ ਗਏ।
ਇਨ੍ਹਾਂ ਮੇਲਿਆਂ ਵਿਚ ਵਿਦਿਆਰਥੀਆਂ ਨੇ ਆਪਣੇ ਹੱਥੀਂ ਤਿਆਰ ਕੀਤੇ ਮਾਡਲ, ਚਾਰਟ ਅਤੇ ਪ੍ਰੋਜੈਕਟ ਪੇਸ਼ ਕੀਤੇ। ਅਧਿਆਪਕਾਂ ਨੇ ਵਿਦਿਆਰਥੀਆਂ ਦੀ ਹੌਸਲਾ ਅਫ਼ਜ਼ਾਈ ਕੀਤੀ।
ਸਕੂਲਾਂ ਵਿਚ ਲਗਾਏ ਗਏ ਵਿਸ਼ਾ ਮੇਲਿਆਂ ਦੌਰਾਨ ਮਾਡਲ ਪੇਸ਼ ਕਰਦੇ ਵਿਦਿਆਰਥੀ।
ਜ਼ਿਲ੍ਹਾ ਸਿੱਖਿਆ ਅਫ਼ਸਰ ਨੇ ਕਿਹਾ ਕਿ ਇਸ ਤਰ੍ਹਾਂ ਦੇ ਮੇਲੇ ਵਿਦਿਆਰਥੀਆਂ ਵਿਚ ਵਿਸ਼ਿਆਂ ਪ੍ਰਤੀ ਰੁਚੀ ਪੈਦਾ ਕਰਦੇ ਹਨ ਅਤੇ ਉਨ੍ਹਾਂ ਦੀ ਸਮਝ ਨੂੰ ਡੂੰਘਾ ਕਰਦੇ ਹਨ।
ਜੇਤੂ ਵਿਦਿਆਰਥੀਆਂ ਨੂੰ ਜ਼ਿਲ੍ਹਾ ਪੱਧਰੀ ਮੁਕਾਬਲਿਆਂ ਲਈ ਚੁਣਿਆ ਗਿਆ। ਸਮਾਗਮ ਮੌਕੇ ਸਮੂਹ ਸਟਾਫ਼ ਅਤੇ ਵਿਦਿਆਰਥੀ ਹਾਜ਼ਰ ਸਨ।
ਜ਼ਿਲ੍ਹਾ ਸਿੱਖਿਆ ਅਫ਼ਸਰ ਦੀ ਅਗਵਾਈ ਹੇਠ ਜ਼ਿਲ੍ਹੇ ਦੇ ਵੱਖ-ਵੱਖ ਸਰਕਾਰੀ ਸਕੂਲਾਂ ਵਿਚ ਸਾਇੰਸ, ਹਿਸਾਬ, ਸਮਾਜਿਕ ਵਿਗਿਆਨ ਅਤੇ ਅੰਗਰੇਜ਼ੀ ਵਿਸ਼ਿਆਂ ਦੇ ਮੇਲੇ ਲਗਾਏ ਗਏ।
ਇਨ੍ਹਾਂ ਮੇਲਿਆਂ ਵਿਚ ਵਿਦਿਆਰਥੀਆਂ ਨੇ ਆਪਣੇ ਹੱਥੀਂ ਤਿਆਰ ਕੀਤੇ ਮਾਡਲ, ਚਾਰਟ ਅਤੇ ਪ੍ਰੋਜੈਕਟ ਪੇਸ਼ ਕੀਤੇ। ਅਧਿਆਪਕਾਂ ਨੇ ਵਿਦਿਆਰਥੀਆਂ ਦੀ ਹੌਸਲਾ ਅਫ਼ਜ਼ਾਈ ਕੀਤੀ।
ਜ਼ਿਲ੍ਹਾ ਸਿੱਖਿਆ ਅਫ਼ਸਰ ਨੇ ਕਿਹਾ ਕਿ ਇਸ ਤਰ੍ਹਾਂ ਦੇ ਮੇਲੇ ਵਿਦਿਆਰਥੀਆਂ ਵਿਚ ਵਿਸ਼ਿਆਂ ਪ੍ਰਤੀ ਰੁਚੀ ਪੈਦਾ ਕਰਦੇ ਹਨ ਅਤੇ ਉਨ੍ਹਾਂ ਦੀ ਸਮਝ ਨੂੰ ਡੂੰਘਾ ਕਰਦੇ ਹਨ।
ਪ੍ਰਾਇਮਰੀ ਸਕੂਲ ਖੇਡਾਂ ਦੇ ਬੈਡਮਿੰਟਨ ਮੁਕਾਬਲਿਆਂ 'ਚ ਟੰਡਨ ਸਕੂਲ ਦੇ ਵਿਦਿਆਰਥੀਆਂ ਨੇ ਜਿੱਤੇ ਮੈਡਲ
ਬਰਨਾਲਾ, 25 ਅਕਤੂਬਰ (ਰਾਮ ਸਿੰਘ): ਜ਼ਿਲ੍ਹਾ ਪੱਧਰੀ ਪ੍ਰਾਇਮਰੀ ਸਕੂਲ ਖੇਡਾਂ ਦੇ ਬੈਡਮਿੰਟਨ ਮੁਕਾਬਲਿਆਂ ਵਿਚ ਟੰਡਨ ਸਕੂਲ ਦੇ ਵਿਦਿਆਰਥੀਆਂ ਨੇ ਸ਼ਾਨਦਾਰ ਪ੍ਰਦਰਸ਼ਨ ਕਰਦਿਆਂ ਮੈਡਲ ਜਿੱਤੇ।
ਮੁੰਡਿਆਂ ਦੇ ਵਰਗ ਵਿਚ ਸਕੂਲ ਦੀ ਟੀਮ ਨੇ ਪਹਿਲਾ ਸਥਾਨ ਹਾਸਲ ਕੀਤਾ ਅਤੇ ਗੋਲਡ ਮੈਡਲ ਜਿੱਤਿਆ। ਲੜਕੀਆਂ ਦੀ ਟੀਮ ਨੇ ਵੀ ਸਿਲਵਰ ਮੈਡਲ ਹਾਸਲ ਕੀਤਾ।
ਸਕੂਲ ਦੇ ਮੁਖੀ ਨੇ ਜੇਤੂ ਵਿਦਿਆਰਥੀਆਂ ਨੂੰ ਵਧਾਈ ਦਿੰਦਿਆਂ ਕਿਹਾ ਕਿ ਖੇਡਾਂ ਨਾਲ ਸਰੀਰਕ ਤੰਦਰੁਸਤੀ ਦੇ ਨਾਲ-ਨਾਲ ਆਤਮਵਿਸ਼ਵਾਸ ਵਧਦਾ ਹੈ।
ਜ਼ਿਲ੍ਹਾ ਪੱਧਰੀ ਪ੍ਰਾਇਮਰੀ ਸਕੂਲ ਖੇਡਾਂ ਦੇ ਬੈਡਮਿੰਟਨ ਮੁਕਾਬਲਿਆਂ ਵਿਚ ਟੰਡਨ ਸਕੂਲ ਦੇ ਵਿਦਿਆਰਥੀਆਂ ਨੇ ਸ਼ਾਨਦਾਰ ਪ੍ਰਦਰਸ਼ਨ ਕਰਦਿਆਂ ਮੈਡਲ ਜਿੱਤੇ।
ਮੁੰਡਿਆਂ ਦੇ ਵਰਗ ਵਿਚ ਸਕੂਲ ਦੀ ਟੀਮ ਨੇ ਪਹਿਲਾ ਸਥਾਨ ਹਾਸਲ ਕੀਤਾ ਅਤੇ ਗੋਲਡ ਮੈਡਲ ਜਿੱਤਿਆ। ਲੜਕੀਆਂ ਦੀ ਟੀਮ ਨੇ ਵੀ ਸਿਲਵਰ ਮੈਡਲ ਹਾਸਲ ਕੀਤਾ।
ਬੈਡਮਿੰਟਨ ਮੁਕਾਬਲਿਆਂ ਵਿਚ ਮੈਡਲ ਜਿੱਤਣ ਵਾਲੇ ਟੰਡਨ ਸਕੂਲ ਦੇ ਵਿਦਿਆਰਥੀ ਤੇ ਸਟਾਫ਼।
ਗੋਬਿੰਦ ਇੰਟਰਨੈਸ਼ਨਲ ਸਕੂਲ ਦੇ ਵਿਦਿਆਰਥੀਆਂ ਨੇ ਰਾਸ਼ਟਰੀ ਪੱਧਰ ਸਕੇਟਿੰਗ ਮੁਕਾਬਲਿਆਂ 'ਚ ਲਿਆ ਹਿੱਸਾ
ਬਰਨਾਲਾ/ਸ਼ਹਿਣਾ, 25 ਅਕਤੂਬਰ (ਸੁਖਵਿੰਦਰ ਸਿੰਘ ਪਾਲੀਵਾਲ): ਗੋਬਿੰਦ ਇੰਟਰਨੈਸ਼ਨਲ ਸਕੂਲ ਦੇ ਵਿਦਿਆਰਥੀਆਂ ਨੇ ਰਾਸ਼ਟਰੀ ਪੱਧਰ ਦੇ ਸਕੇਟਿੰਗ ਮੁਕਾਬਲਿਆਂ ਵਿਚ ਹਿੱਸਾ ਲਿਆ ਅਤੇ ਸ਼ਾਨਦਾਰ ਪ੍ਰਦਰਸ਼ਨ ਕੀਤਾ।
ਸਕੂਲ ਪ੍ਰਬੰਧਕਾਂ ਨੇ ਦੱਸਿਆ ਕਿ ਵਿਦਿਆਰਥੀਆਂ ਨੇ ਲੰਮੇ ਸਮੇਂ ਤੋਂ ਸਖ਼ਤ ਅਭਿਆਸ ਕੀਤਾ ਸੀ, ਜਿਸ ਦਾ ਨਤੀਜਾ ਇਨ੍ਹਾਂ ਮੁਕਾਬਲਿਆਂ ਵਿਚ ਵੇਖਣ ਨੂੰ ਮਿਲਿਆ।
ਪ੍ਰਿੰਸੀਪਲ ਨੇ ਜੇਤੂ ਵਿਦਿਆਰਥੀਆਂ ਨੂੰ ਵਧਾਈ ਦਿੰਦਿਆਂ ਕਿਹਾ ਕਿ ਸਕੂਲ ਵੱਲੋਂ ਖੇਡਾਂ ਨੂੰ ਹਮੇਸ਼ਾ ਉਤਸ਼ਾਹਿਤ ਕੀਤਾ ਜਾਂਦਾ ਹੈ।
ਗੋਬਿੰਦ ਇੰਟਰਨੈਸ਼ਨਲ ਸਕੂਲ ਦੇ ਵਿਦਿਆਰਥੀਆਂ ਨੇ ਰਾਸ਼ਟਰੀ ਪੱਧਰ ਦੇ ਸਕੇਟਿੰਗ ਮੁਕਾਬਲਿਆਂ ਵਿਚ ਹਿੱਸਾ ਲਿਆ ਅਤੇ ਸ਼ਾਨਦਾਰ ਪ੍ਰਦਰਸ਼ਨ ਕੀਤਾ।
ਸਕੂਲ ਪ੍ਰਬੰਧਕਾਂ ਨੇ ਦੱਸਿਆ ਕਿ ਵਿਦਿਆਰਥੀਆਂ ਨੇ ਲੰਮੇ ਸਮੇਂ ਤੋਂ ਸਖ਼ਤ ਅਭਿਆਸ ਕੀਤਾ ਸੀ, ਜਿਸ ਦਾ ਨਤੀਜਾ ਇਨ੍ਹਾਂ ਮੁਕਾਬਲਿਆਂ ਵਿਚ ਵੇਖਣ ਨੂੰ ਮਿਲਿਆ।
ਰਾਸ਼ਟਰੀ ਪੱਧਰ ਸਕੇਟਿੰਗ ਮੁਕਾਬਲਿਆਂ ਵਿਚ ਹਿੱਸਾ ਲੈਣ ਵਾਲੇ ਗੋਬਿੰਦ ਇੰਟਰਨੈਸ਼ਨਲ ਸਕੂਲ ਦੇ ਵਿਦਿਆਰਥੀ।
ਸੇਫ਼ ਸਕੂਲ ਵਾਹਨ ਪਾਲਸੀ ਤਹਿਤ 86 ਸਕੂਲੀ ਬਸਾਂ ਦੀ ਚੈਕਿੰਗ, 15 ਸਕੂਲੀ ਬਸਾਂ ਦੇ ਚਲਾਨ
ਬਰਨਾਲਾ, 25 ਅਕਤੂਬਰ (ਰਾਮ ਸਿੰਘ): ਸੇਫ਼ ਸਕੂਲ ਵਾਹਨ ਪਾਲਸੀ ਤਹਿਤ ਜ਼ਿਲ੍ਹਾ ਪ੍ਰਸ਼ਾਸਨ ਵੱਲੋਂ ਸਕੂਲੀ ਬਸਾਂ ਦੀ ਵਿਸ਼ੇਸ਼ ਚੈਕਿੰਗ ਮੁਹਿੰਮ ਚਲਾਈ ਗਈ, ਜਿਸ ਦੌਰਾਨ 86 ਸਕੂਲੀ ਬਸਾਂ ਦੀ ਜਾਂਚ ਕੀਤੀ ਗਈ।
ਚੈਕਿੰਗ ਦੌਰਾਨ ਖ਼ਾਮੀਆਂ ਪਾਏ ਜਾਣ 'ਤੇ 15 ਸਕੂਲੀ ਬਸਾਂ ਦੇ ਚਲਾਨ ਕੱਟੇ ਗਏ। ਅਧਿਕਾਰੀਆਂ ਨੇ ਦੱਸਿਆ ਕਿ ਬੱਚਿਆਂ ਦੀ ਸੁਰੱਖਿਆ ਨਾਲ ਕੋਈ ਸਮਝੌਤਾ ਨਹੀਂ ਕੀਤਾ ਜਾਵੇਗਾ।	ਸੇਫ਼ ਸਕੂਲ ਵਾਹਨ ਪਾਲਸੀ ਤਹਿਤ ਸਕੂਲੀ ਬਸਾਂ ਦੀ ਚੈਕਿੰਗ ਕਰਦੇ ਹੋਏ ਅਧਿਕਾਰੀ।
ਉਨ੍ਹਾਂ ਸਕੂਲ ਪ੍ਰਬੰਧਕਾਂ ਨੂੰ ਹਦਾਇਤ ਕੀਤੀ ਕਿ ਬਸਾਂ ਵਿਚ ਫ਼ਸਟ ਏਡ ਬਾਕਸ, ਅੱਗ ਬੁਝਾਊ ਯੰਤਰ, ਸੀ.ਸੀ.ਟੀ.ਵੀ. ਕੈਮਰੇ ਅਤੇ ਸਪੀਡ ਗਵਰਨਰ ਲਾਜ਼ਮੀ ਤੌਰ 'ਤੇ ਲਗਾਏ ਜਾਣ।
